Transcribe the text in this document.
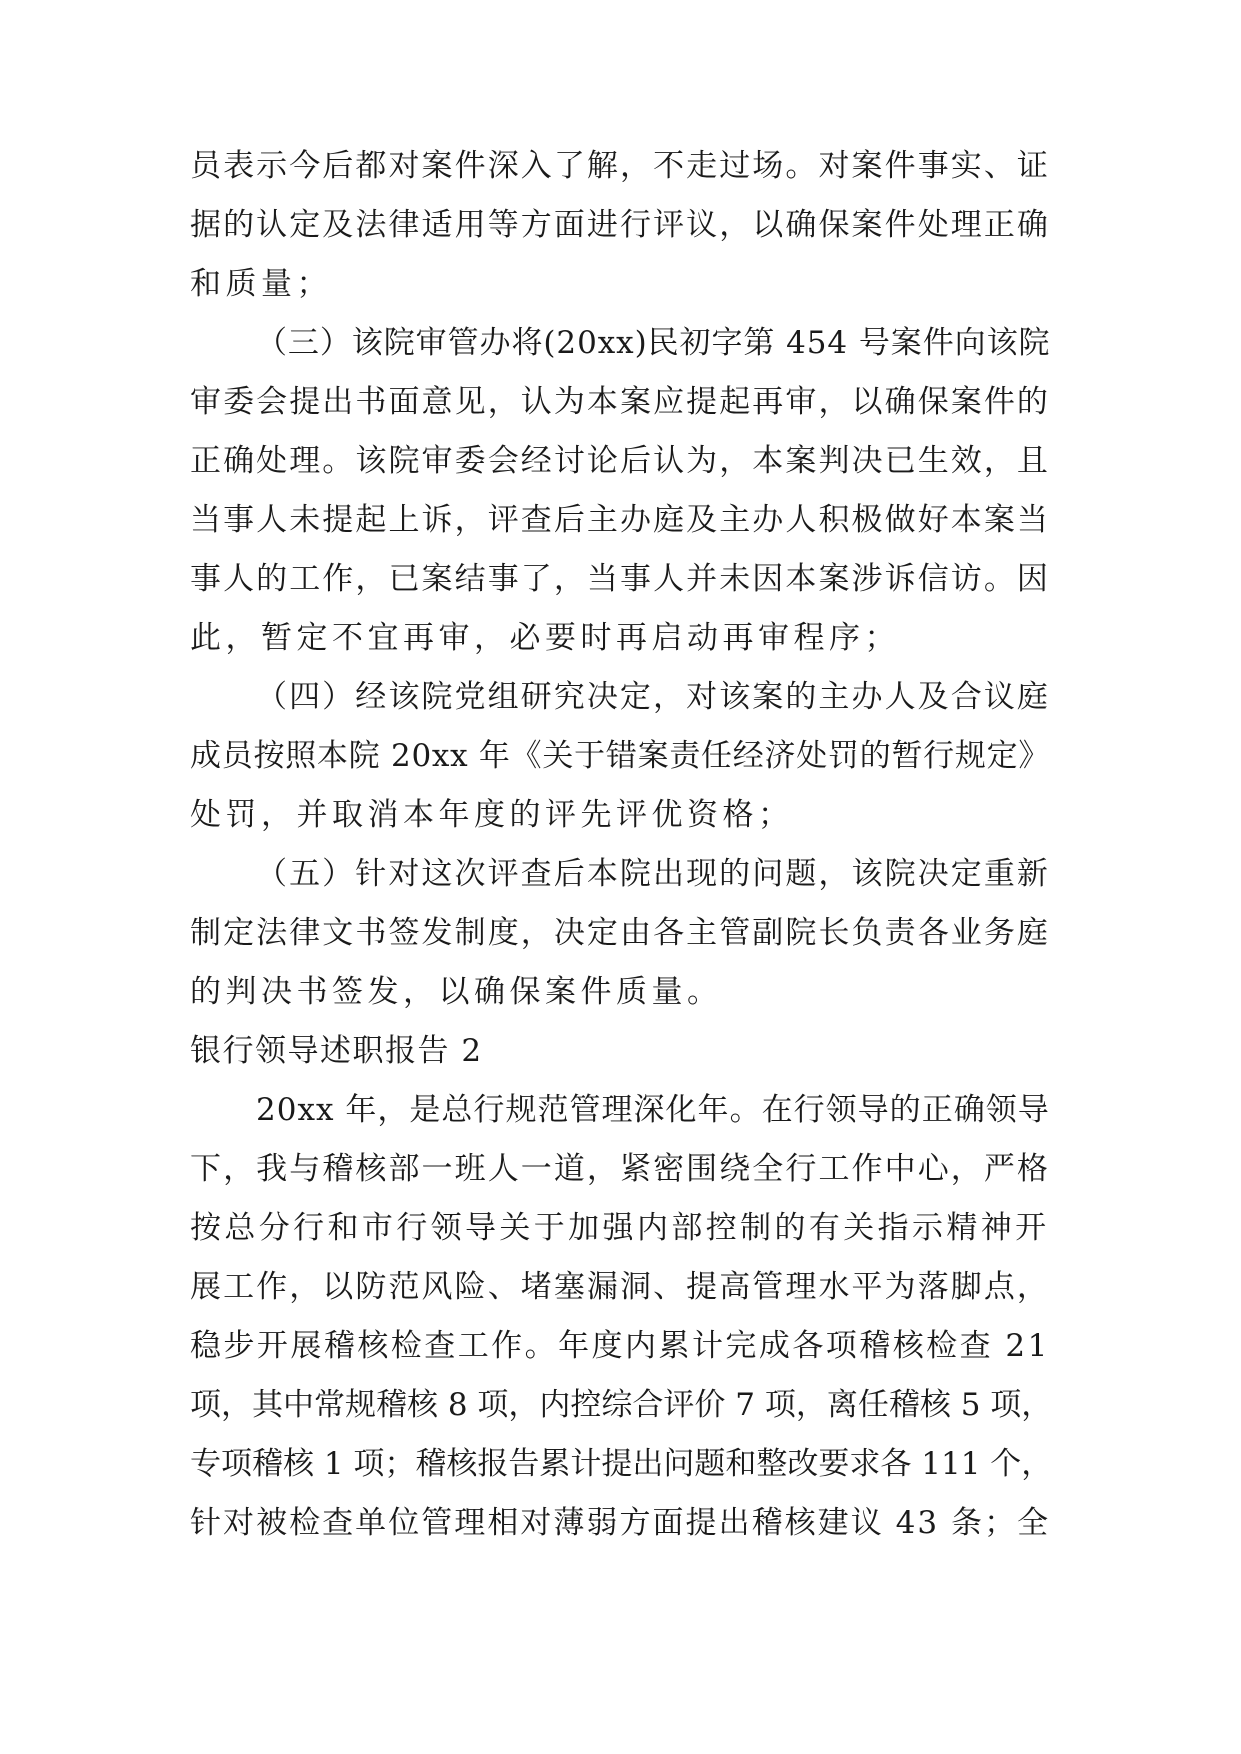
员表示今后都对案件深入了解，不走过场。对案件事实、证
据的认定及法律适用等方面进行评议，以确保案件处理正确
和质量；
（三）该院审管办将(20xx)民初字第 454 号案件向该院
审委会提出书面意见，认为本案应提起再审，以确保案件的
正确处理。该院审委会经讨论后认为，本案判决已生效，且
当事人未提起上诉，评查后主办庭及主办人积极做好本案当
事人的工作，已案结事了，当事人并未因本案涉诉信访。因
此，暂定不宜再审，必要时再启动再审程序；
（四）经该院党组研究决定，对该案的主办人及合议庭
成员按照本院 20xx 年《关于错案责任经济处罚的暂行规定》
处罚，并取消本年度的评先评优资格；
（五）针对这次评查后本院出现的问题，该院决定重新
制定法律文书签发制度，决定由各主管副院长负责各业务庭
的判决书签发，以确保案件质量。
银行领导述职报告 2
20xx 年，是总行规范管理深化年。在行领导的正确领导
下，我与稽核部一班人一道，紧密围绕全行工作中心，严格
按总分行和市行领导关于加强内部控制的有关指示精神开
展工作，以防范风险、堵塞漏洞、提高管理水平为落脚点，
稳步开展稽核检查工作。年度内累计完成各项稽核检查 21
项，其中常规稽核 8 项，内控综合评价 7 项，离任稽核 5 项，
专项稽核 1 项；稽核报告累计提出问题和整改要求各 111 个，
针对被检查单位管理相对薄弱方面提出稽核建议 43 条；全
